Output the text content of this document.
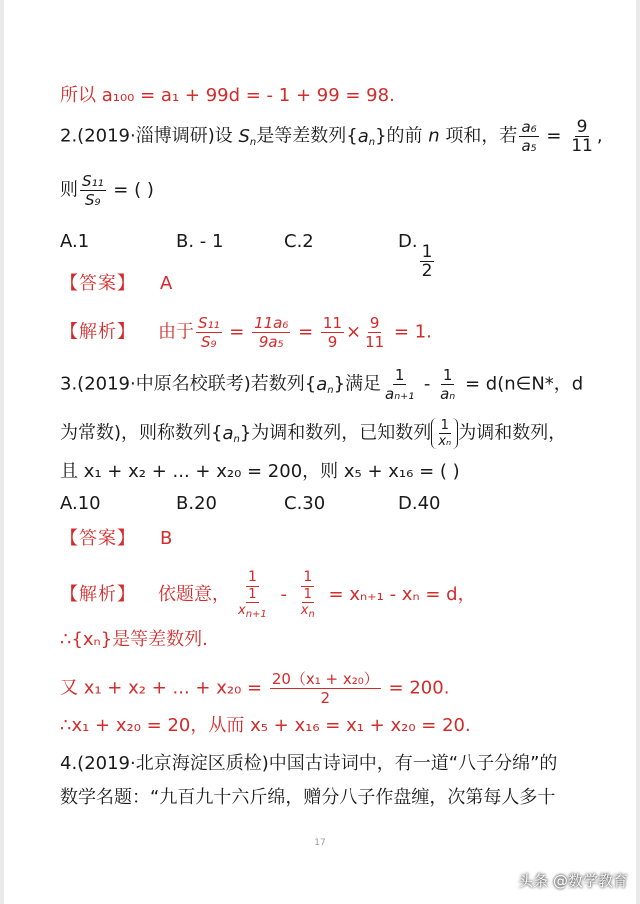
所以 a₁₀₀ = a₁ + 99d = - 1 + 99 = 98.
2.(2019·淄博调研)设 $S_n$是等差数列$\{a_n\}$的前 n 项和，若 $\frac{\text{a₆}}{\text{a₅}} = \frac{9}{11}$ ,
则 $\frac{\text{S₁₁}}{\text{S₉}}$ = ( )
A.1	B. - 1	C.2	D.
$\frac{1}{2}$
【答案】 A
【解析】 由于 $\frac{\text{S₁₁}}{\text{S₉}} = \frac{\text{11a₆}}{\text{9a₅}} = \frac{11}{9} \times \frac{9}{11} = 1$.
3.(2019·中原名校联考)若数列$\{a_n\}$满足 $\frac{1}{\text{aₙ₊₁}} - \frac{1}{\text{aₙ}}$ = d(n∈N*，d
为常数)，则称数列$\{a_n\}$为调和数列，已知数列 $\frac{1}{\text{xₙ}}$ 为调和数列，
且 x₁ + x₂ + ... + x₂₀ = 200，则 x₅ + x₁₆ = ( )
A.10	B.20	C.30	D.40
【答案】 B
【解析】 依题意， $\frac{1}{\frac{1}{x_{n+1}}} - \frac{1}{\frac{1}{x_n}} = x_{n+1} - x_n = d$，
∴{xₙ}是等差数列.
又 x₁ + x₂ + ... + $x_{20} = \frac{\text{20（x₁ + x₂₀）}}{2} = 200$.
∴x₁ + x₂₀ = 20，从而 x₅ + x₁₆ = x₁ + x₂₀ = 20.
4.(2019·北京海淀区质检)中国古诗词中，有一道“八子分绵”的
数学名题：“九百九十六斤绵，赠分八子作盘缠，次第每人多十
17
头条 @数学教育
